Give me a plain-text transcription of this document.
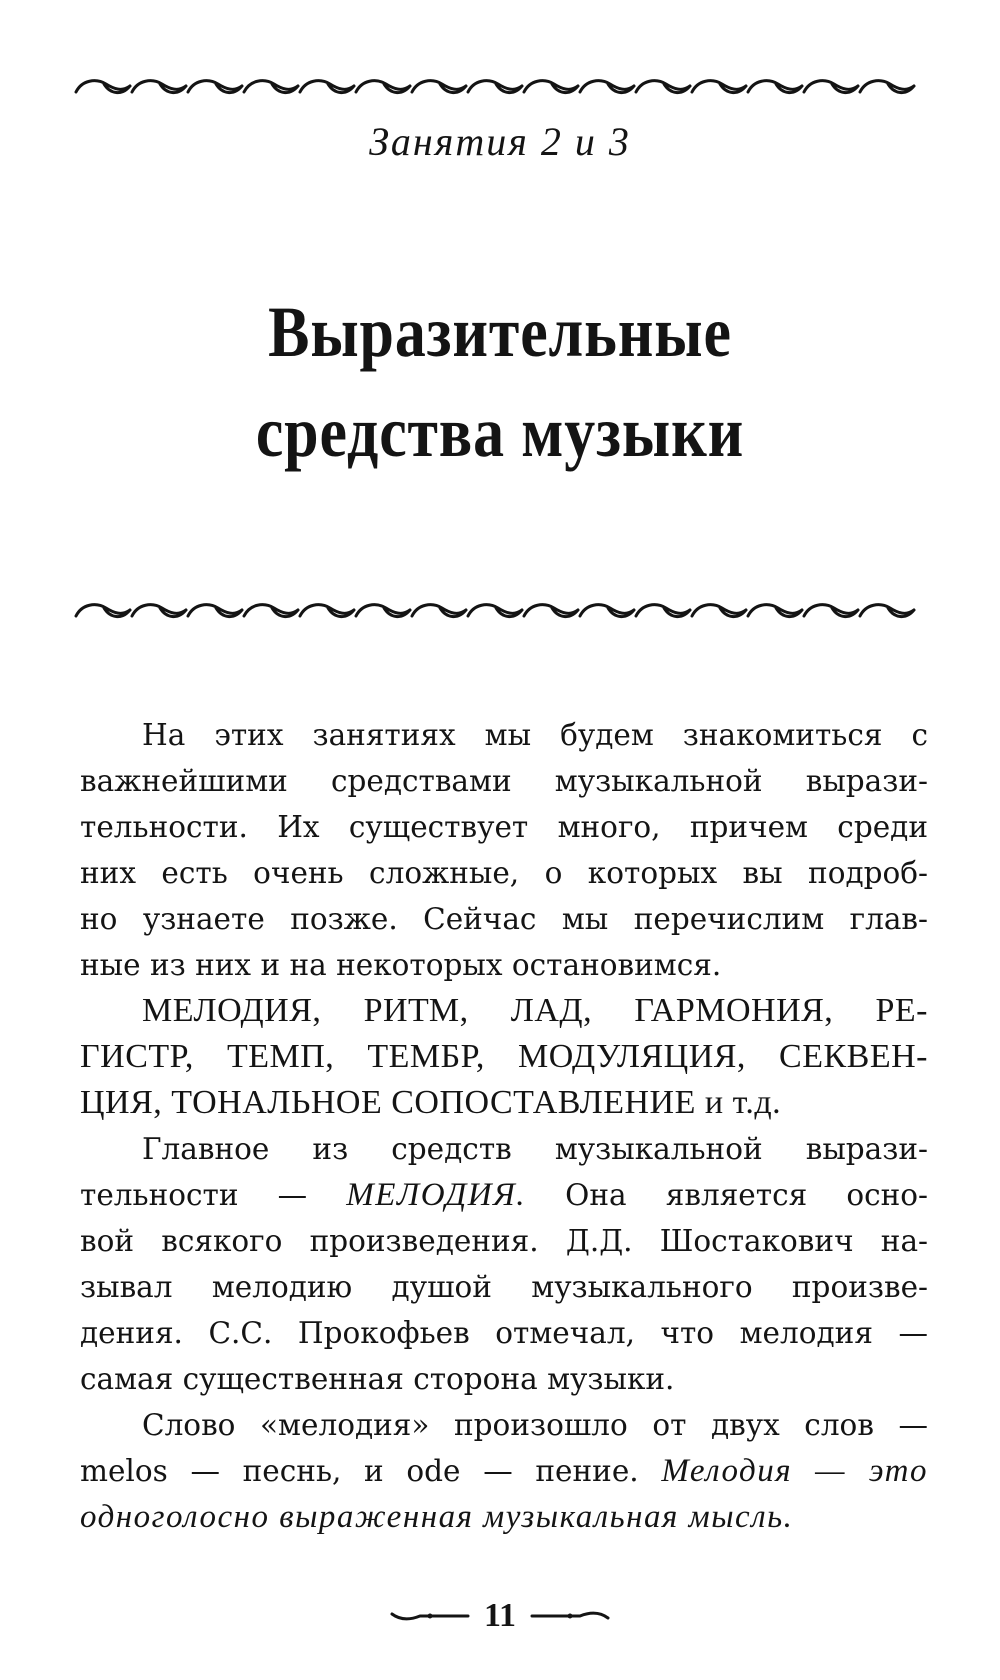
Занятия 2 и 3
Выразительные
средства музыки

На этих занятиях мы будем знакомиться с
важнейшими средствами музыкальной вырази-
тельности. Их существует много, причем среди
них есть очень сложные, о которых вы подроб-
но узнаете позже. Сейчас мы перечислим глав-
ные из них и на некоторых остановимся.

МЕЛОДИЯ, РИТМ, ЛАД, ГАРМОНИЯ, РЕ-
ГИСТР, ТЕМП, ТЕМБР, МОДУЛЯЦИЯ, СЕКВЕН-
ЦИЯ, ТОНАЛЬНОЕ СОПОСТАВЛЕНИЕ и т.д.

Главное из средств музыкальной вырази-
тельности — МЕЛОДИЯ. Она является осно-
вой всякого произведения. Д.Д. Шостакович на-
зывал мелодию душой музыкального произве-
дения. С.С. Прокофьев отмечал, что мелодия —
самая существенная сторона музыки.

Слово «мелодия» произошло от двух слов —
melos — песнь, и ode — пение. Мелодия — это
одноголосно выраженная музыкальная мысль.

11
